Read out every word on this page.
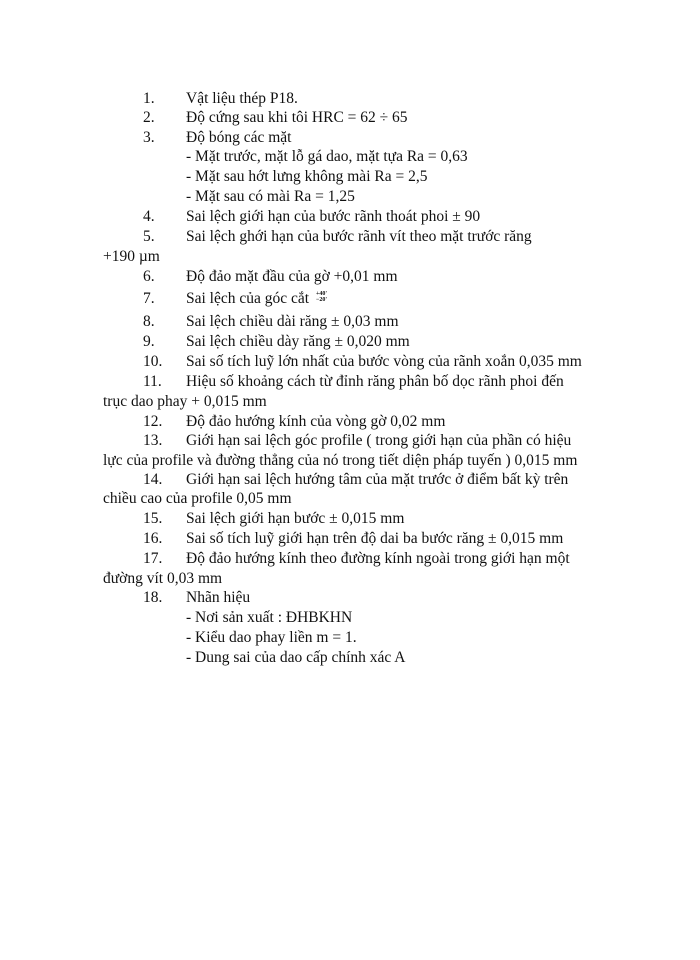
1. Vật liệu thép P18.
2. Độ cứng sau khi tôi HRC = 62 ÷ 65
3. Độ bóng các mặt
- Mặt trước, mặt lỗ gá dao, mặt tựa Ra = 0,63
- Mặt sau hớt lưng không mài Ra = 2,5
- Mặt sau có mài Ra = 1,25
4. Sai lệch giới hạn của bước rãnh thoát phoi ± 90
5. Sai lệch ghới hạn của bước rãnh vít theo mặt trước răng
+190 µm
6. Độ đảo mặt đầu của gờ +0,01 mm
7. Sai lệch của góc cắt +40'
−20'
8. Sai lệch chiều dài răng ± 0,03 mm
9. Sai lệch chiều dày răng ± 0,020 mm
10. Sai số tích luỹ lớn nhất của bước vòng của rãnh xoắn 0,035 mm
11. Hiệu số khoảng cách từ đỉnh răng phân bố dọc rãnh phoi đến
trục dao phay + 0,015 mm
12. Độ đảo hướng kính của vòng gờ 0,02 mm
13. Giới hạn sai lệch góc profile ( trong giới hạn của phần có hiệu
lực của profile và đường thẳng của nó trong tiết diện pháp tuyến ) 0,015 mm
14. Giới hạn sai lệch hướng tâm của mặt trước ở điểm bất kỳ trên
chiều cao của profile 0,05 mm
15. Sai lệch giới hạn bước ± 0,015 mm
16. Sai số tích luỹ giới hạn trên độ dai ba bước răng ± 0,015 mm
17. Độ đảo hướng kính theo đường kính ngoài trong giới hạn một
đường vít 0,03 mm
18. Nhãn hiệu
- Nơi sản xuất : ĐHBKHN
- Kiểu dao phay liền m = 1.
- Dung sai của dao cấp chính xác A
